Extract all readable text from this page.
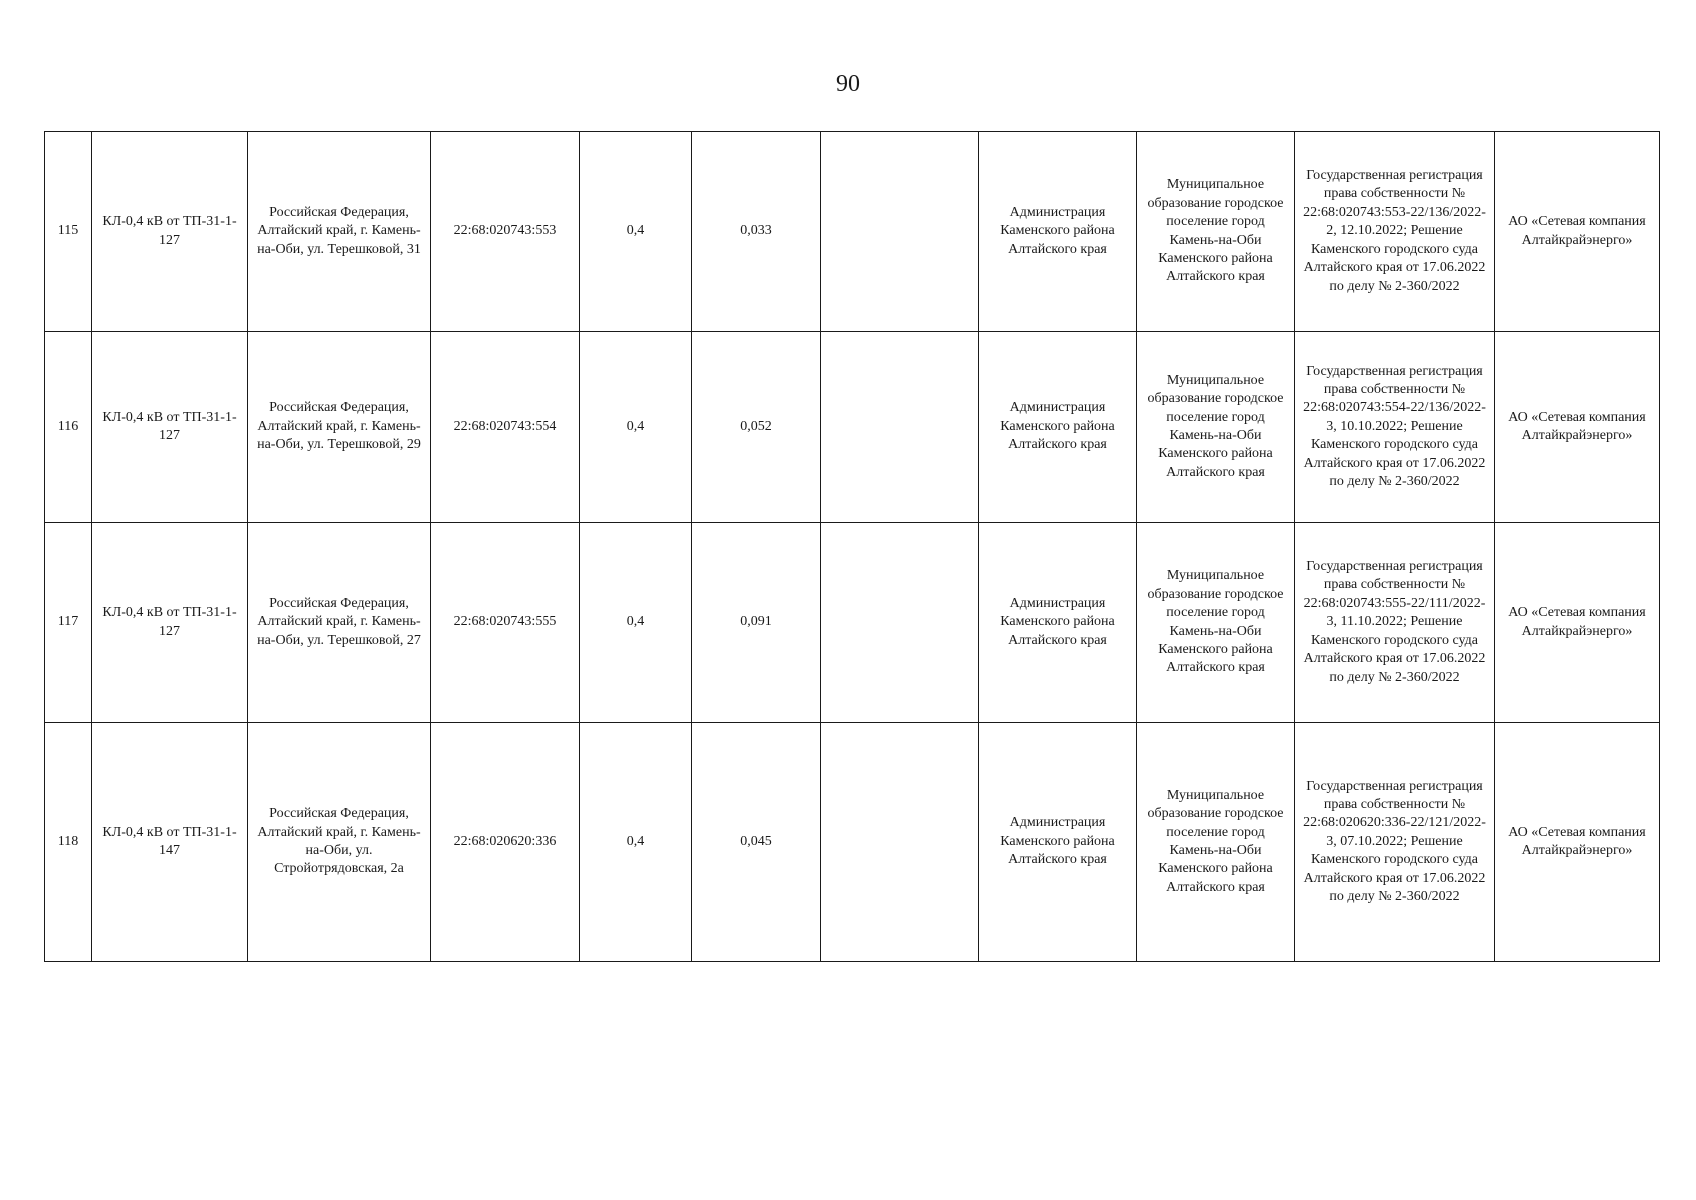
90
115	КЛ-0,4 кВ от ТП-31-1-127	Российская Федерация, Алтайский край, г. Камень-на-Оби, ул. Терешковой, 31	22:68:020743:553	0,4	0,033		Администрация Каменского района Алтайского края	Муниципальное образование городское поселение город Камень-на-Оби Каменского района Алтайского края	Государственная регистрация права собственности № 22:68:020743:553-22/136/2022-2, 12.10.2022; Решение Каменского городского суда Алтайского края от 17.06.2022 по делу № 2-360/2022	АО «Сетевая компания Алтайкрайэнерго»
116	КЛ-0,4 кВ от ТП-31-1-127	Российская Федерация, Алтайский край, г. Камень-на-Оби, ул. Терешковой, 29	22:68:020743:554	0,4	0,052		Администрация Каменского района Алтайского края	Муниципальное образование городское поселение город Камень-на-Оби Каменского района Алтайского края	Государственная регистрация права собственности № 22:68:020743:554-22/136/2022-3, 10.10.2022; Решение Каменского городского суда Алтайского края от 17.06.2022 по делу № 2-360/2022	АО «Сетевая компания Алтайкрайэнерго»
117	КЛ-0,4 кВ от ТП-31-1-127	Российская Федерация, Алтайский край, г. Камень-на-Оби, ул. Терешковой, 27	22:68:020743:555	0,4	0,091		Администрация Каменского района Алтайского края	Муниципальное образование городское поселение город Камень-на-Оби Каменского района Алтайского края	Государственная регистрация права собственности № 22:68:020743:555-22/111/2022-3, 11.10.2022; Решение Каменского городского суда Алтайского края от 17.06.2022 по делу № 2-360/2022	АО «Сетевая компания Алтайкрайэнерго»
118	КЛ-0,4 кВ от ТП-31-1-147	Российская Федерация, Алтайский край, г. Камень-на-Оби, ул. Стройотрядовская, 2а	22:68:020620:336	0,4	0,045		Администрация Каменского района Алтайского края	Муниципальное образование городское поселение город Камень-на-Оби Каменского района Алтайского края	Государственная регистрация права собственности № 22:68:020620:336-22/121/2022-3, 07.10.2022; Решение Каменского городского суда Алтайского края от 17.06.2022 по делу № 2-360/2022	АО «Сетевая компания Алтайкрайэнерго»
